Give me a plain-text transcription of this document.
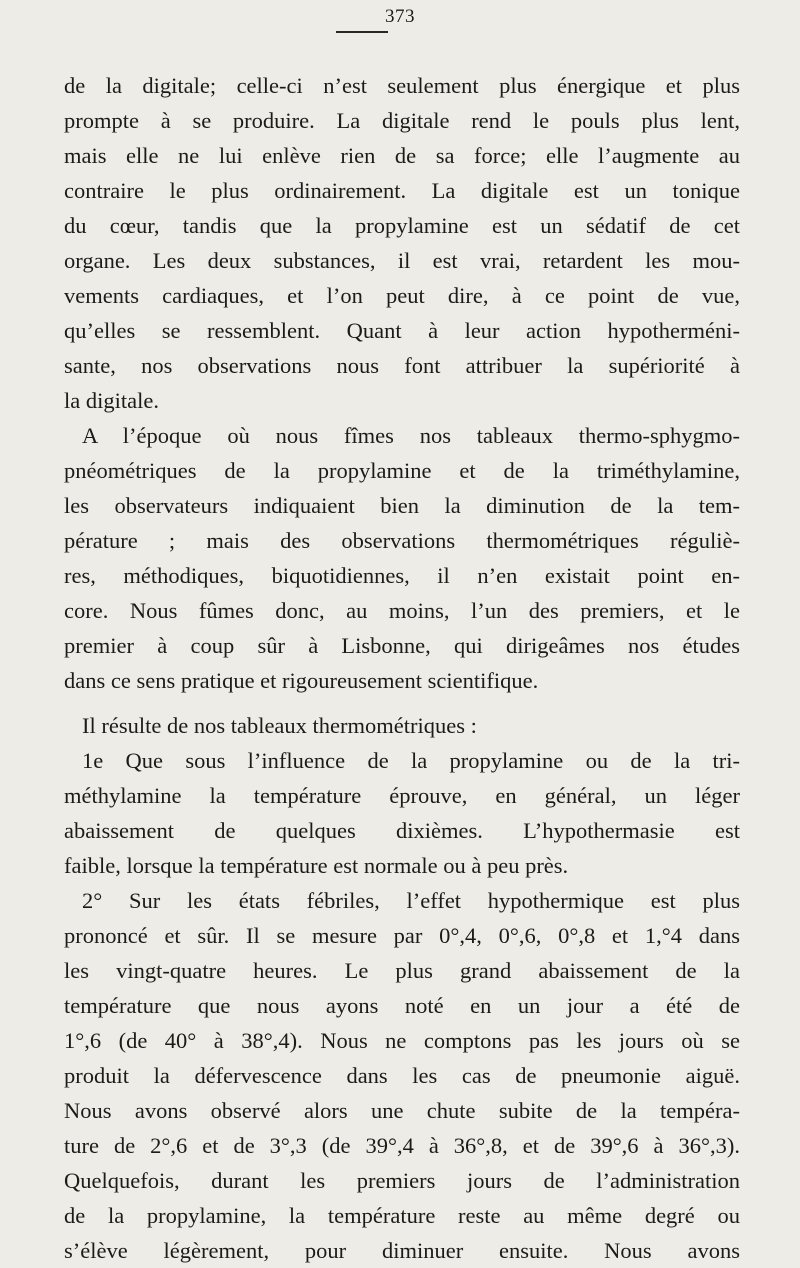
373
de la digitale; celle-ci n’est seulement plus énergique et plus
prompte à se produire. La digitale rend le pouls plus lent,
mais elle ne lui enlève rien de sa force; elle l’augmente au
contraire le plus ordinairement. La digitale est un tonique
du cœur, tandis que la propylamine est un sédatif de cet
organe. Les deux substances, il est vrai, retardent les mou-
vements cardiaques, et l’on peut dire, à ce point de vue,
qu’elles se ressemblent. Quant à leur action hypotherméni-
sante, nos observations nous font attribuer la supériorité à
la digitale.
A l’époque où nous fîmes nos tableaux thermo-sphygmo-
pnéométriques de la propylamine et de la triméthylamine,
les observateurs indiquaient bien la diminution de la tem-
pérature ; mais des observations thermométriques réguliè-
res, méthodiques, biquotidiennes, il n’en existait point en-
core. Nous fûmes donc, au moins, l’un des premiers, et le
premier à coup sûr à Lisbonne, qui dirigeâmes nos études
dans ce sens pratique et rigoureusement scientifique.
Il résulte de nos tableaux thermométriques :
1e Que sous l’influence de la propylamine ou de la tri-
méthylamine la température éprouve, en général, un léger
abaissement de quelques dixièmes. L’hypothermasie est
faible, lorsque la température est normale ou à peu près.
2° Sur les états fébriles, l’effet hypothermique est plus
prononcé et sûr. Il se mesure par 0°,4, 0°,6, 0°,8 et 1,°4 dans
les vingt-quatre heures. Le plus grand abaissement de la
température que nous ayons noté en un jour a été de
1°,6 (de 40° à 38°,4). Nous ne comptons pas les jours où se
produit la défervescence dans les cas de pneumonie aiguë.
Nous avons observé alors une chute subite de la tempéra-
ture de 2°,6 et de 3°,3 (de 39°,4 à 36°,8, et de 39°,6 à 36°,3).
Quelquefois, durant les premiers jours de l’administration
de la propylamine, la température reste au même degré ou
s’élève légèrement, pour diminuer ensuite. Nous avons
